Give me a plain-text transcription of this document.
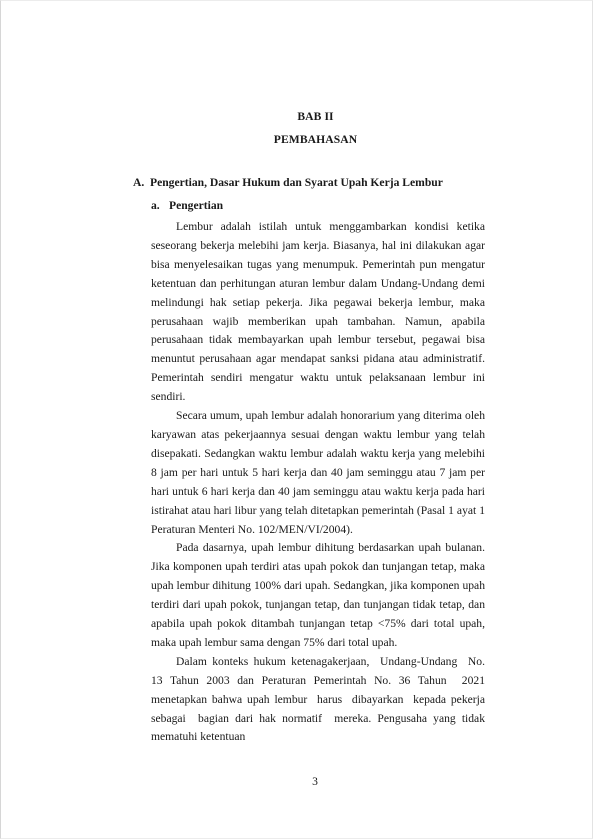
BAB II
PEMBAHASAN
A. Pengertian, Dasar Hukum dan Syarat Upah Kerja Lembur
a. Pengertian

Lembur adalah istilah untuk menggambarkan kondisi ketika seseorang bekerja melebihi jam kerja. Biasanya, hal ini dilakukan agar bisa menyelesaikan tugas yang menumpuk. Pemerintah pun mengatur ketentuan dan perhitungan aturan lembur dalam Undang-Undang demi melindungi hak setiap pekerja. Jika pegawai bekerja lembur, maka perusahaan wajib memberikan upah tambahan. Namun, apabila perusahaan tidak membayarkan upah lembur tersebut, pegawai bisa menuntut perusahaan agar mendapat sanksi pidana atau administratif. Pemerintah sendiri mengatur waktu untuk pelaksanaan lembur ini sendiri.

Secara umum, upah lembur adalah honorarium yang diterima oleh karyawan atas pekerjaannya sesuai dengan waktu lembur yang telah disepakati. Sedangkan waktu lembur adalah waktu kerja yang melebihi 8 jam per hari untuk 5 hari kerja dan 40 jam seminggu atau 7 jam per hari untuk 6 hari kerja dan 40 jam seminggu atau waktu kerja pada hari istirahat atau hari libur yang telah ditetapkan pemerintah (Pasal 1 ayat 1 Peraturan Menteri No. 102/MEN/VI/2004).

Pada dasarnya, upah lembur dihitung berdasarkan upah bulanan. Jika komponen upah terdiri atas upah pokok dan tunjangan tetap, maka upah lembur dihitung 100% dari upah. Sedangkan, jika komponen upah terdiri dari upah pokok, tunjangan tetap, dan tunjangan tidak tetap, dan apabila upah pokok ditambah tunjangan tetap <75% dari total upah, maka upah lembur sama dengan 75% dari total upah.

Dalam konteks hukum ketenagakerjaan,  Undang-Undang  No.  13 Tahun 2003 dan Peraturan Pemerintah No. 36 Tahun  2021  menetapkan bahwa upah lembur  harus  dibayarkan  kepada pekerja sebagai  bagian dari hak normatif  mereka. Pengusaha yang tidak mematuhi ketentuan

3
